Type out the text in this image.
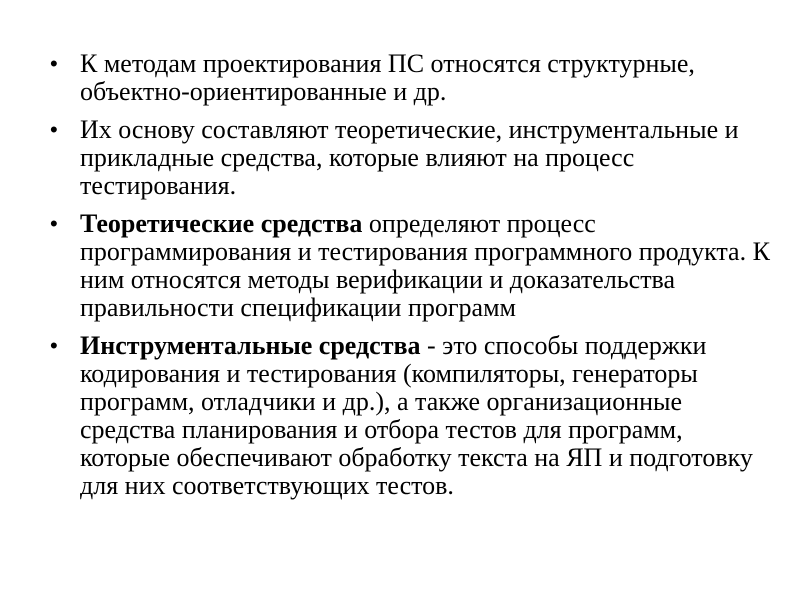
• К методам проектирования ПС относятся структурные, объектно-ориентированные и др.
• Их основу составляют теоретические, инструментальные и прикладные средства, которые влияют на процесс тестирования.
• Теоретические средства определяют процесс программирования и тестирования программного продукта. К ним относятся методы верификации и доказательства правильности спецификации программ
• Инструментальные средства - это способы поддержки кодирования и тестирования (компиляторы, генераторы программ, отладчики и др.), а также организационные средства планирования и отбора тестов для программ, которые обеспечивают обработку текста на ЯП и подготовку для них соответствующих тестов.
